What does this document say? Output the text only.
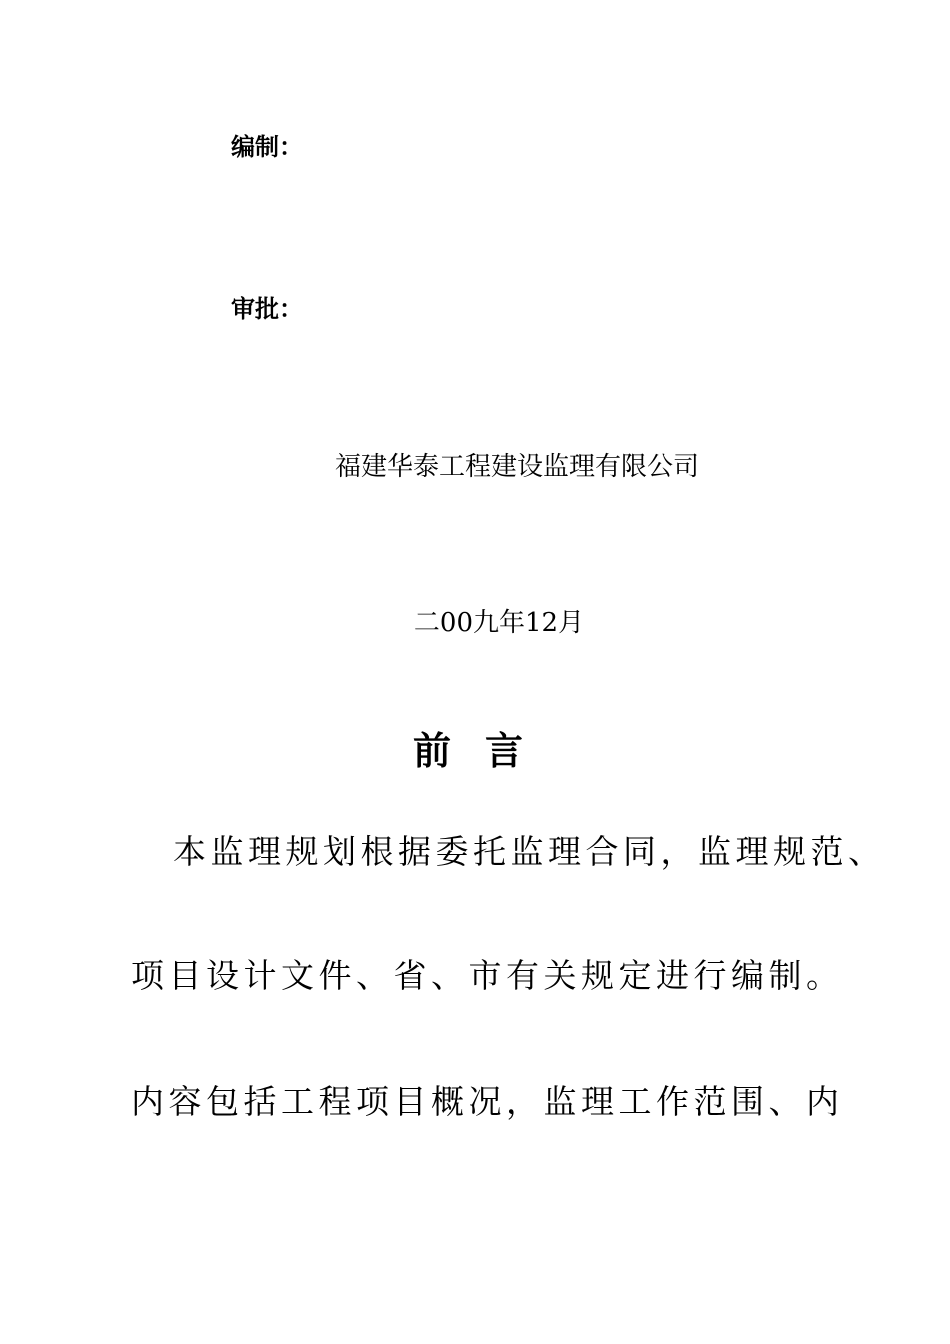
编制：
审批：
福建华泰工程建设监理有限公司
二00九年12月
前言
本监理规划根据委托监理合同，监理规范、
项目设计文件、省、市有关规定进行编制。
内容包括工程项目概况，监理工作范围、内
